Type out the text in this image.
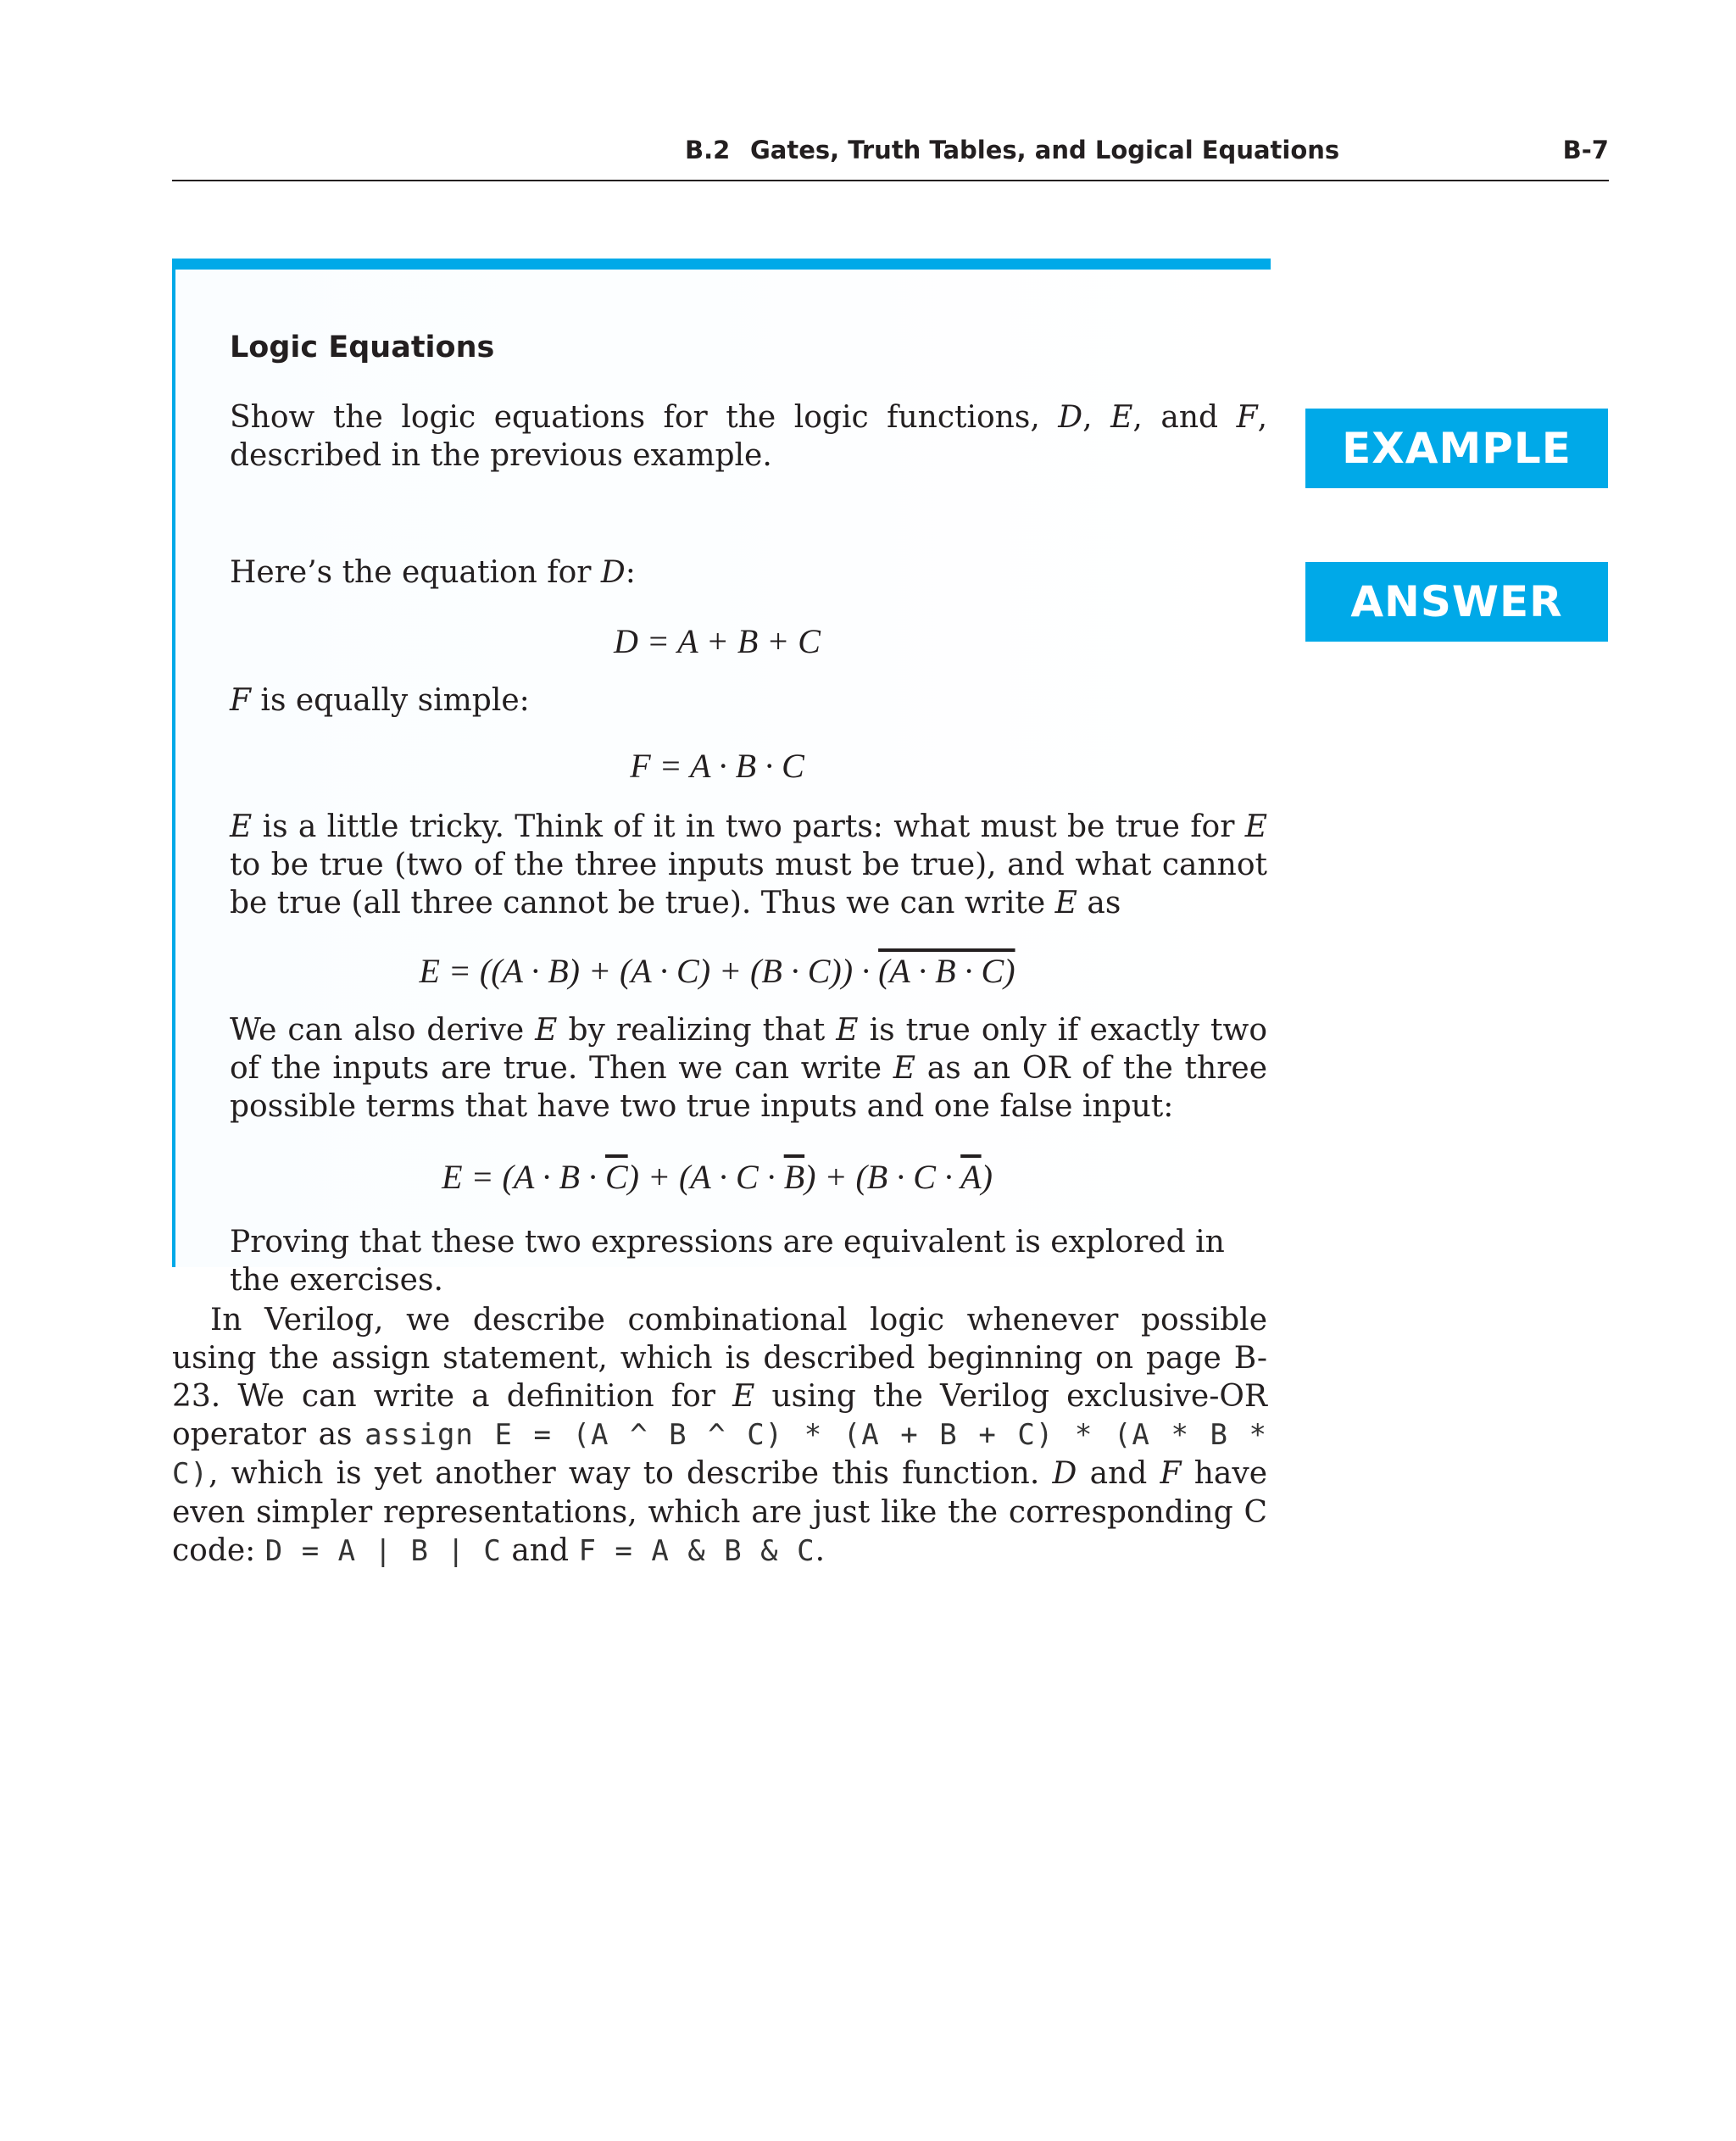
B.2 Gates, Truth Tables, and Logical Equations	B-7
EXAMPLE
ANSWER
Logic Equations

Show the logic equations for the logic functions, D, E, and F, described in the previous example.

Here’s the equation for D:

D = A + B + C

F is equally simple:

F = A · B · C

E is a little tricky. Think of it in two parts: what must be true for E to be true (two of the three inputs must be true), and what cannot be true (all three cannot be true). Thus we can write E as

E = ((A · B) + (A · C) + (B · C)) · (A · B · C)

We can also derive E by realizing that E is true only if exactly two of the inputs are true. Then we can write E as an OR of the three possible terms that have two true inputs and one false input:

$E = (A \cdot B \cdot \overline{C}) + (A \cdot C \cdot \overline{B}) + (B \cdot C \cdot \overline{A})$

Proving that these two expressions are equivalent is explored in the exercises.

In Verilog, we describe combinational logic whenever possible using the assign statement, which is described beginning on page B-23. We can write a definition for E using the Verilog exclusive-OR operator as assign E = (A ^ B ^ C) * (A + B + C) * (A * B * C), which is yet another way to describe this function. D and F have even simpler representations, which are just like the corresponding C code: D = A | B | C and F = A & B & C.
